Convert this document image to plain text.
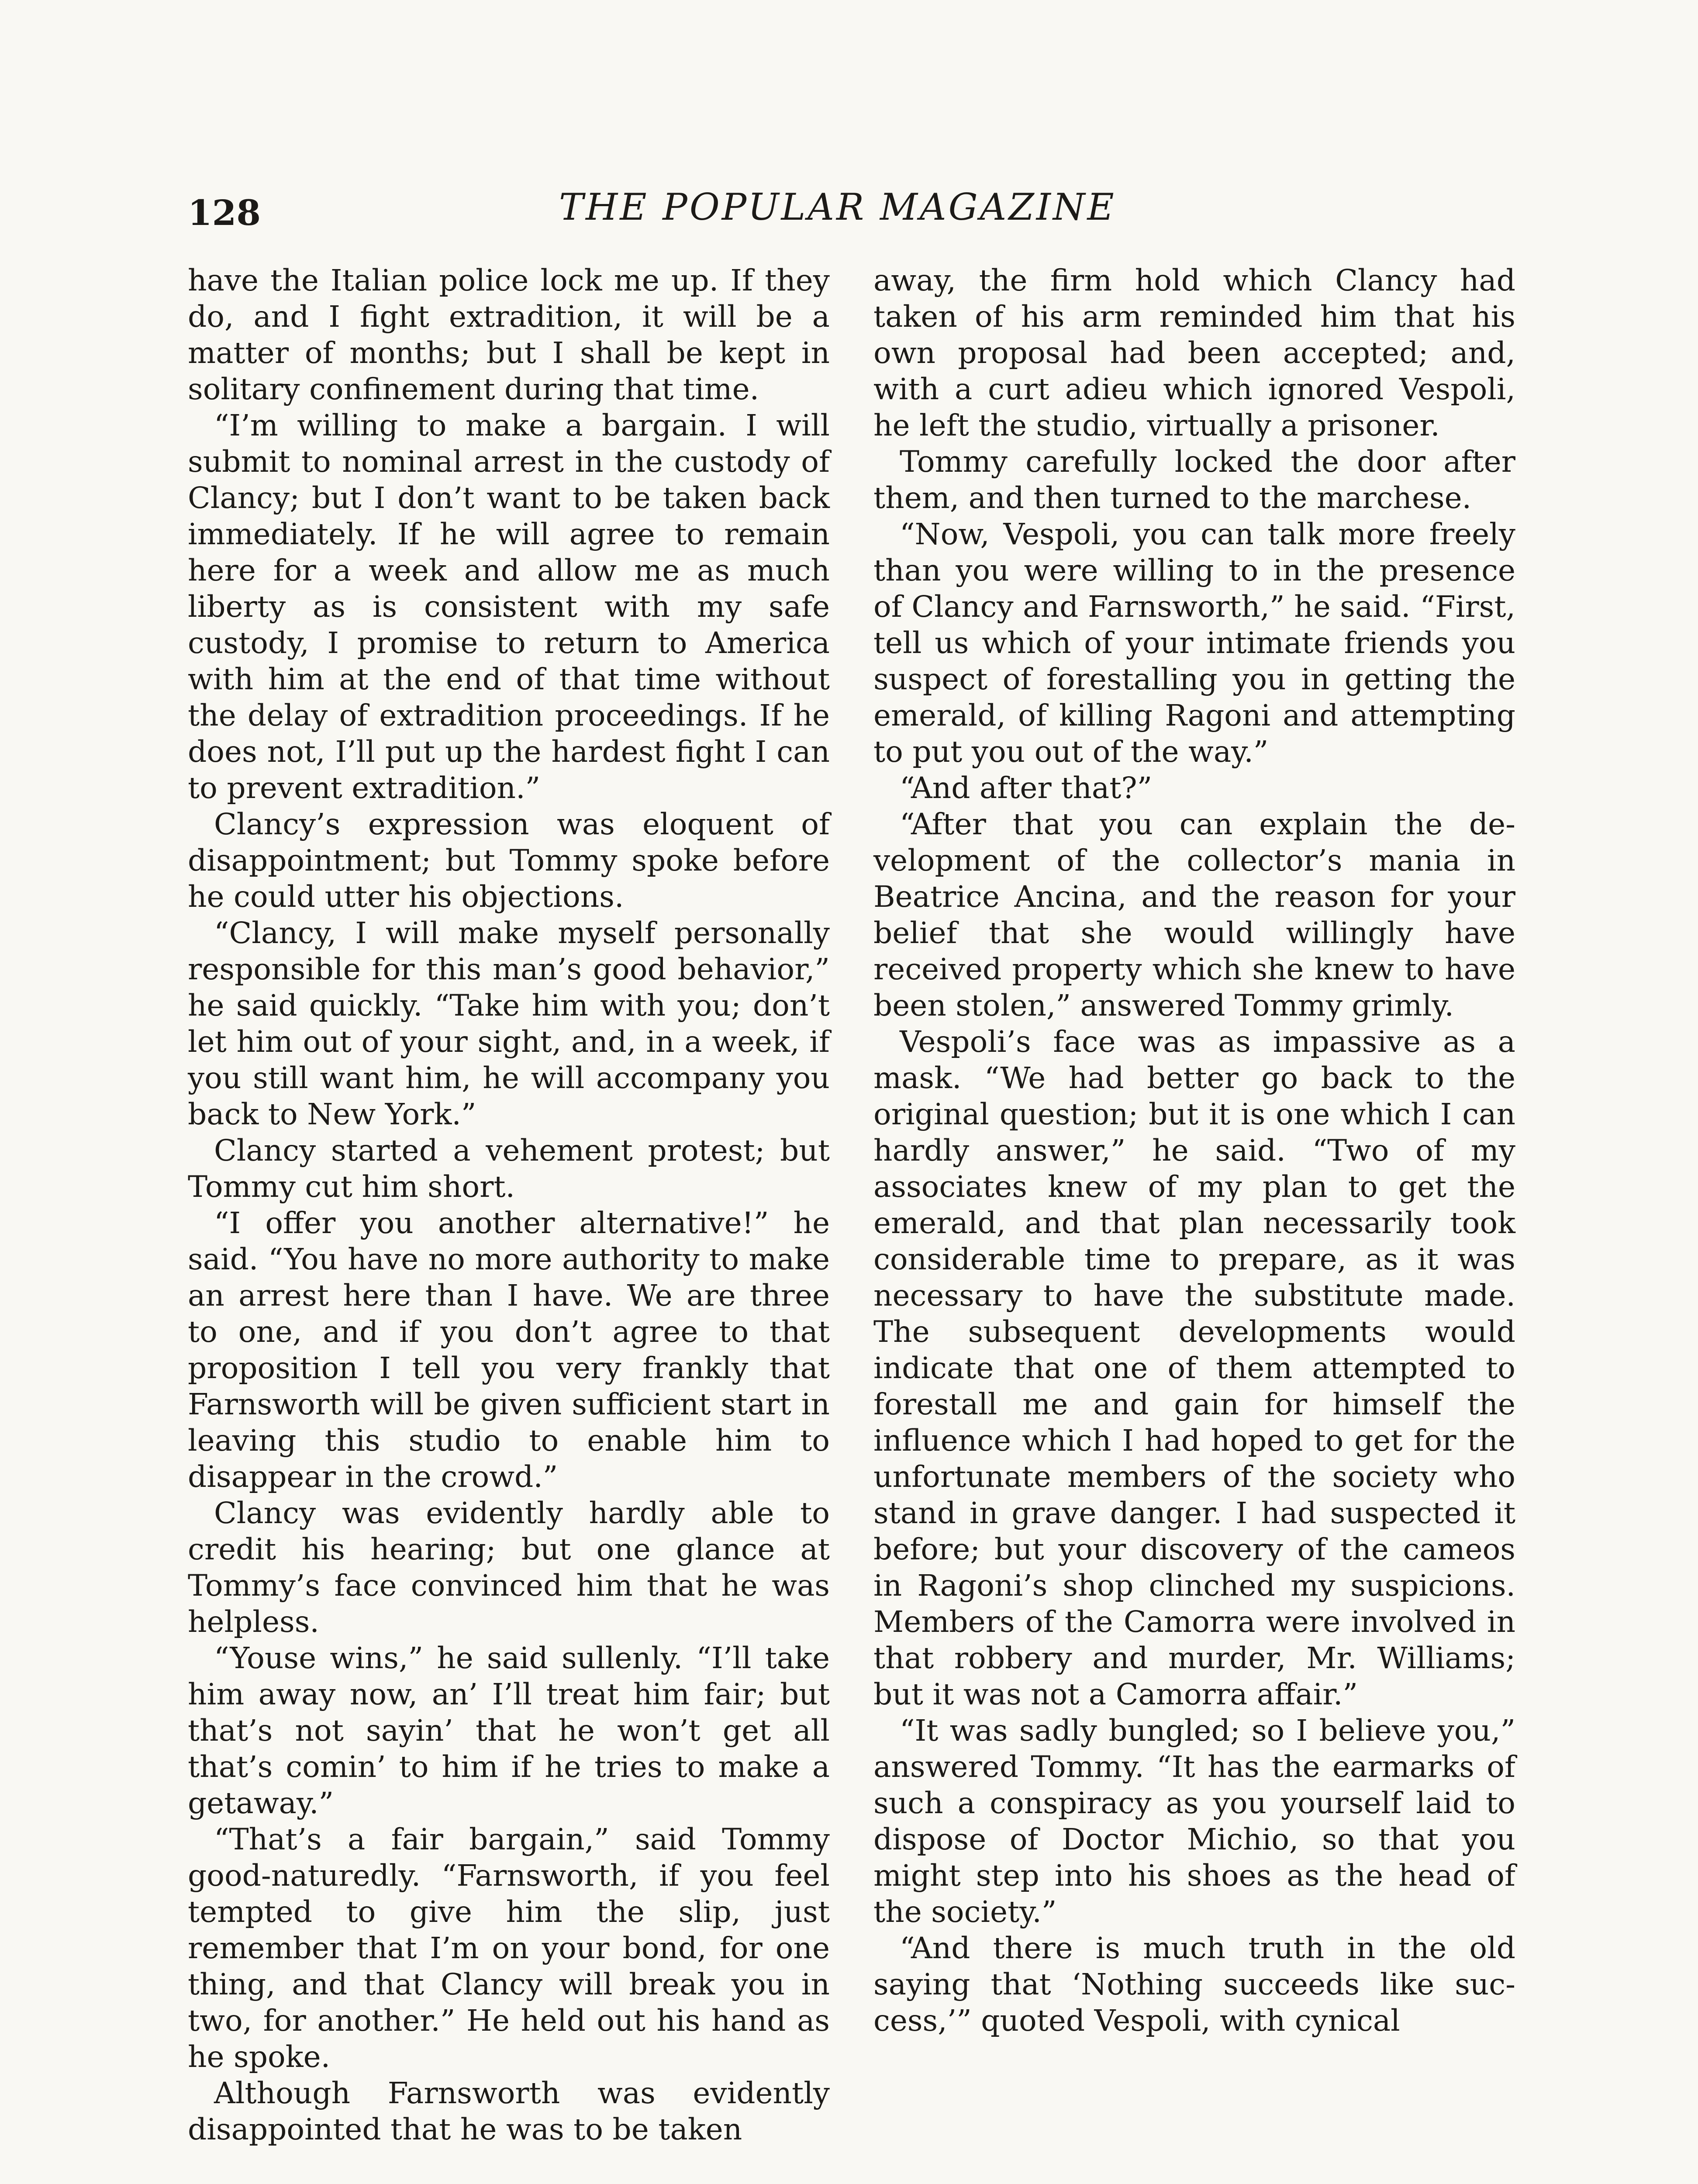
128	THE POPULAR MAGAZINE

have the Italian police lock me up. If they do, and I fight extradition, it will be a matter of months; but I shall be kept in solitary confinement during that time.

“I’m willing to make a bargain. I will submit to nominal arrest in the custody of Clancy; but I don’t want to be taken back immediately. If he will agree to remain here for a week and allow me as much liberty as is consistent with my safe custody, I promise to return to America with him at the end of that time without the delay of extradition proceedings. If he does not, I’ll put up the hardest fight I can to prevent extradition.”

Clancy’s expression was eloquent of disappointment; but Tommy spoke before he could utter his objections.

“Clancy, I will make myself personally responsible for this man’s good behavior,” he said quickly. “Take him with you; don’t let him out of your sight, and, in a week, if you still want him, he will accompany you back to New York.”

Clancy started a vehement protest; but Tommy cut him short.

“I offer you another alternative!” he said. “You have no more authority to make an arrest here than I have. We are three to one, and if you don’t agree to that proposition I tell you very frankly that Farnsworth will be given sufficient start in leaving this studio to enable him to disappear in the crowd.”

Clancy was evidently hardly able to credit his hearing; but one glance at Tommy’s face convinced him that he was helpless.

“Youse wins,” he said sullenly. “I’ll take him away now, an’ I’ll treat him fair; but that’s not sayin’ that he won’t get all that’s comin’ to him if he tries to make a getaway.”

“That’s a fair bargain,” said Tommy good-naturedly. “Farnsworth, if you feel tempted to give him the slip, just remember that I’m on your bond, for one thing, and that Clancy will break you in two, for another.” He held out his hand as he spoke.

Although Farnsworth was evidently disappointed that he was to be taken

away, the firm hold which Clancy had taken of his arm reminded him that his own proposal had been accepted; and, with a curt adieu which ignored Vespoli, he left the studio, virtually a prisoner.

Tommy carefully locked the door after them, and then turned to the marchese.

“Now, Vespoli, you can talk more freely than you were willing to in the presence of Clancy and Farnsworth,” he said. “First, tell us which of your intimate friends you suspect of forestalling you in getting the emerald, of killing Ragoni and attempting to put you out of the way.”

“And after that?”

“After that you can explain the development of the collector’s mania in Beatrice Ancina, and the reason for your belief that she would willingly have received property which she knew to have been stolen,” answered Tommy grimly.

Vespoli’s face was as impassive as a mask. “We had better go back to the original question; but it is one which I can hardly answer,” he said. “Two of my associates knew of my plan to get the emerald, and that plan necessarily took considerable time to prepare, as it was necessary to have the substitute made. The subsequent developments would indicate that one of them attempted to forestall me and gain for himself the influence which I had hoped to get for the unfortunate members of the society who stand in grave danger. I had suspected it before; but your discovery of the cameos in Ragoni’s shop clinched my suspicions. Members of the Camorra were involved in that robbery and murder, Mr. Williams; but it was not a Camorra affair.”

“It was sadly bungled; so I believe you,” answered Tommy. “It has the earmarks of such a conspiracy as you yourself laid to dispose of Doctor Michio, so that you might step into his shoes as the head of the society.”

“And there is much truth in the old saying that ‘Nothing succeeds like success,’” quoted Vespoli, with cynical
